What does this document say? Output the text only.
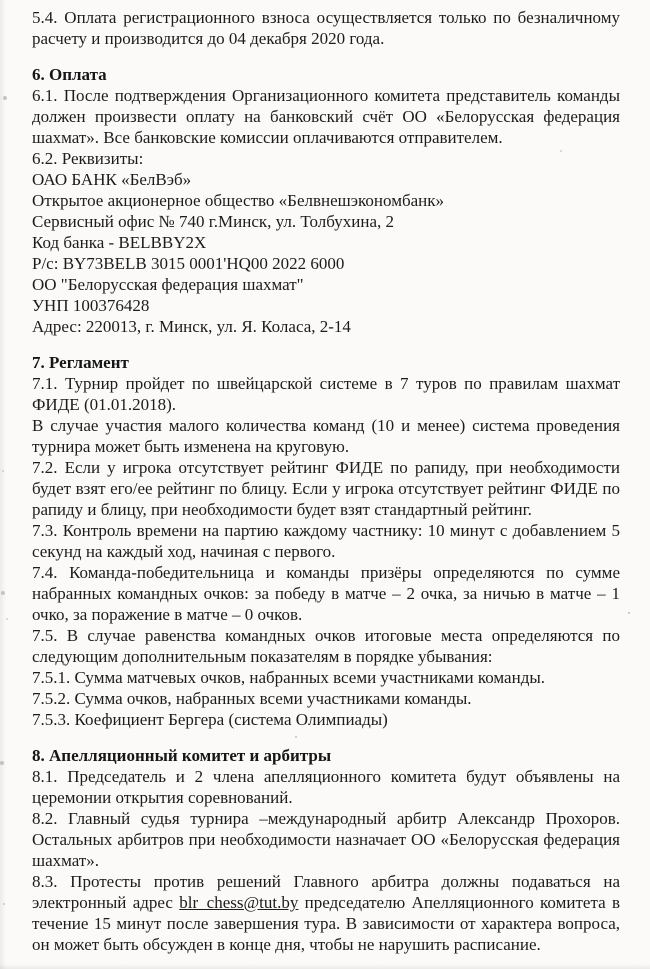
5.4. Оплата регистрационного взноса осуществляется только по безналичному расчету и производится до 04 декабря 2020 года.

6. Оплата

6.1. После подтверждения Организационного комитета представитель команды должен произвести оплату на банковский счёт ОО «Белорусская федерация шахмат». Все банковские комиссии оплачиваются отправителем.

6.2. Реквизиты:

ОАО БАНК «БелВэб»
Открытое акционерное общество «Белвнешэкономбанк»
Сервисный офис № 740 г.Минск, ул. Толбухина, 2
Код банка - BELBBY2X
Р/с: BY73BELB 3015 0001'HQ00 2022 6000
ОО "Белорусская федерация шахмат"
УНП 100376428
Адрес: 220013, г. Минск, ул. Я. Коласа, 2-14

7. Регламент

7.1. Турнир пройдет по швейцарской системе в 7 туров по правилам шахмат ФИДЕ (01.01.2018).

В случае участия малого количества команд (10 и менее) система проведения турнира может быть изменена на круговую.

7.2. Если у игрока отсутствует рейтинг ФИДЕ по рапиду, при необходимости будет взят его/ее рейтинг по блицу. Если у игрока отсутствует рейтинг ФИДЕ по рапиду и блицу, при необходимости будет взят стандартный рейтинг.

7.3. Контроль времени на партию каждому частнику: 10 минут с добавлением 5 секунд на каждый ход, начиная с первого.

7.4. Команда-победительница и команды призёры определяются по сумме набранных командных очков: за победу в матче – 2 очка, за ничью в матче – 1 очко, за поражение в матче – 0 очков.

7.5. В случае равенства командных очков итоговые места определяются по следующим дополнительным показателям в порядке убывания:

7.5.1. Сумма матчевых очков, набранных всеми участниками команды.

7.5.2. Сумма очков, набранных всеми участниками команды.

7.5.3. Коефициент Бергера (система Олимпиады)

8. Апелляционный комитет и арбитры

8.1. Председатель и 2 члена апелляционного комитета будут объявлены на церемонии открытия соревнований.

8.2. Главный судья турнира –международный арбитр Александр Прохоров. Остальных арбитров при необходимости назначает ОО «Белорусская федерация шахмат».

8.3. Протесты против решений Главного арбитра должны подаваться на электронный адрес blr_chess@tut.by председателю Апелляционного комитета в течение 15 минут после завершения тура. В зависимости от характера вопроса, он может быть обсужден в конце дня, чтобы не нарушить расписание.
